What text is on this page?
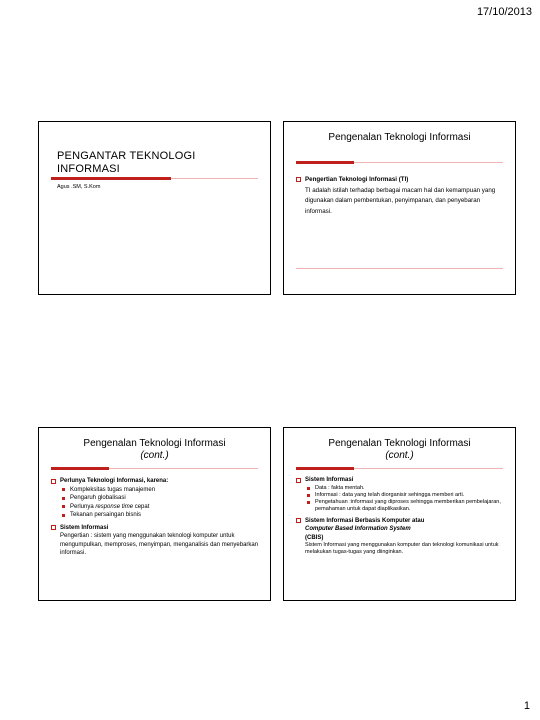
17/10/2013
PENGANTAR TEKNOLOGI INFORMASI
Agus .SM, S.Kom
Pengenalan Teknologi Informasi
Pengertian Teknologi Informasi (TI)
TI adalah istilah terhadap berbagai macam hal dan kemampuan yang digunakan dalam pembentukan, penyimpanan, dan penyebaran informasi.
Pengenalan Teknologi Informasi
(cont.)
Perlunya Teknologi Informasi, karena:
Kompleksitas tugas manajemen
Pengaruh globalisasi
Perlunya response time cepat
Tekanan persaingan bisnis
Sistem Informasi
Pengertian : sistem yang menggunakan teknologi komputer untuk mengumpulkan, memproses, menyimpan, menganalisis dan menyebarkan informasi.
Pengenalan Teknologi Informasi
(cont.)
Sistem Informasi
Data : fakta mentah.
Informasi : data yang telah diorganisir sehingga memberi arti.
Pengetahuan :informasi yang diproses sehingga memberikan pembelajaran, pemahaman untuk dapat diaplikasikan.
Sistem Informasi Berbasis Komputer atau
Computer Based Information System
(CBIS)
Sistem Informasi yang menggunakan komputer dan teknologi komunikasi untuk melakukan tugas-tugas yang diinginkan.
1
